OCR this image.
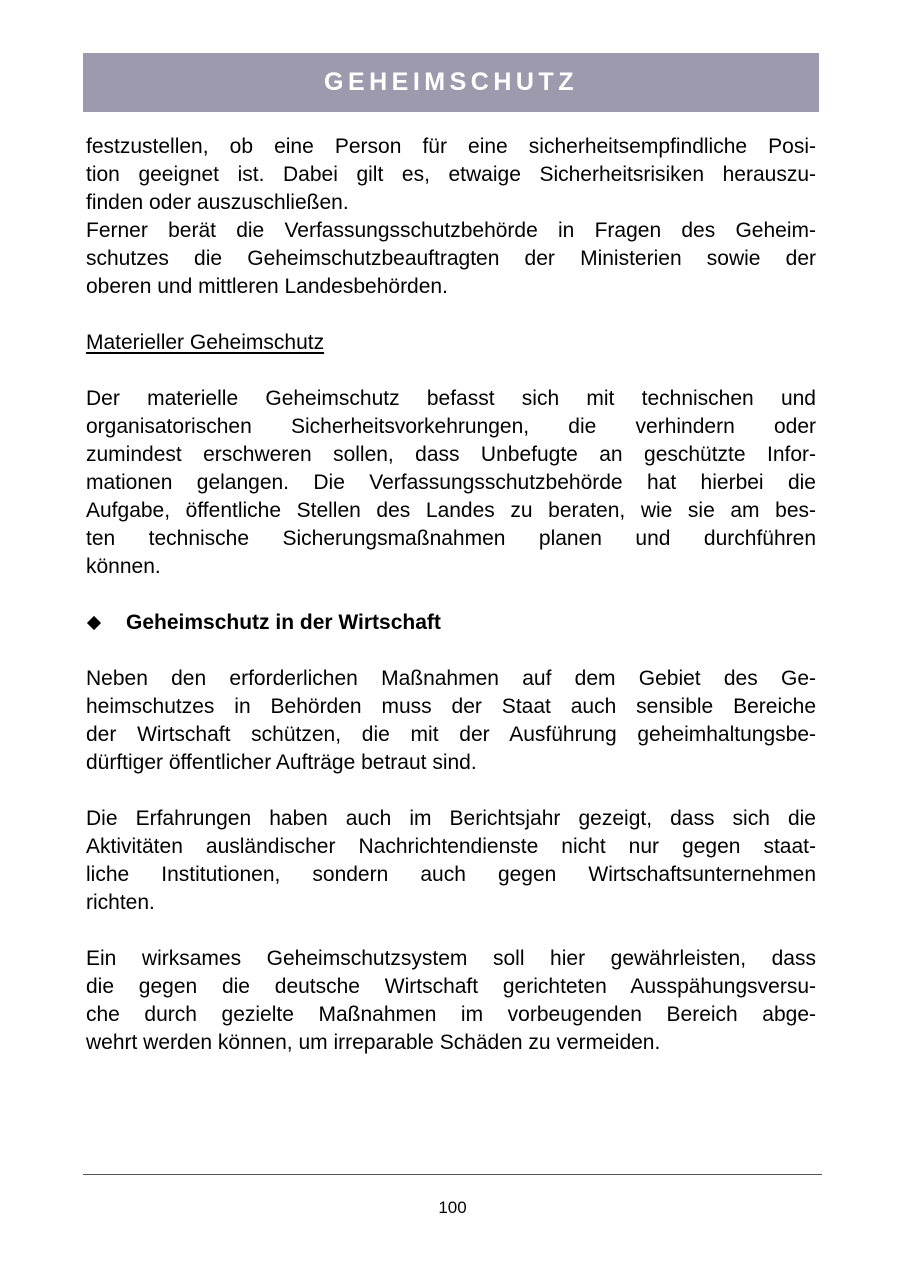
GEHEIMSCHUTZ

festzustellen, ob eine Person für eine sicherheitsempfindliche Posi-
tion geeignet ist. Dabei gilt es, etwaige Sicherheitsrisiken herauszu-
finden oder auszuschließen.

Ferner berät die Verfassungsschutzbehörde in Fragen des Geheim-
schutzes die Geheimschutzbeauftragten der Ministerien sowie der
oberen und mittleren Landesbehörden.

Materieller Geheimschutz

Der materielle Geheimschutz befasst sich mit technischen und
organisatorischen Sicherheitsvorkehrungen, die verhindern oder
zumindest erschweren sollen, dass Unbefugte an geschützte Infor-
mationen gelangen. Die Verfassungsschutzbehörde hat hierbei die
Aufgabe, öffentliche Stellen des Landes zu beraten, wie sie am bes-
ten technische Sicherungsmaßnahmen planen und durchführen
können.

Geheimschutz in der Wirtschaft

Neben den erforderlichen Maßnahmen auf dem Gebiet des Ge-
heimschutzes in Behörden muss der Staat auch sensible Bereiche
der Wirtschaft schützen, die mit der Ausführung geheimhaltungsbe-
dürftiger öffentlicher Aufträge betraut sind.

Die Erfahrungen haben auch im Berichtsjahr gezeigt, dass sich die
Aktivitäten ausländischer Nachrichtendienste nicht nur gegen staat-
liche Institutionen, sondern auch gegen Wirtschaftsunternehmen
richten.

Ein wirksames Geheimschutzsystem soll hier gewährleisten, dass
die gegen die deutsche Wirtschaft gerichteten Ausspähungsversu-
che durch gezielte Maßnahmen im vorbeugenden Bereich abge-
wehrt werden können, um irreparable Schäden zu vermeiden.

100
